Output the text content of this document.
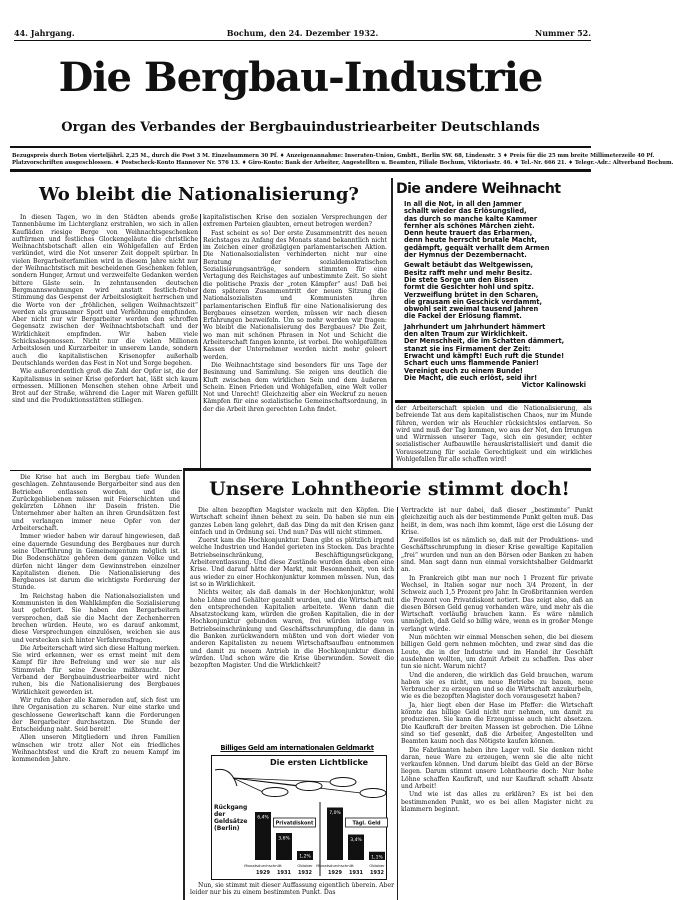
44. Jahrgang.	Bochum, den 24. Dezember 1932.	Nummer 52.
Die Bergbau-Industrie
Organ des Verbandes der Bergbauindustriearbeiter Deutschlands
Bezugspreis durch Boten vierteljährl. 2,25 M., durch die Post 3 M. Einzelnummern 30 Pf. ♦ Anzeigenannahme: Inseraten-Union, GmbH., Berlin SW. 68, Lindenstr. 3 ♦ Preis für die 25 mm breite Millimeterzeile 40 Pf.
Platzvorschriften ausgeschlossen. ♦ Postscheck-Konto Hannover Nr. 576 13. ♦ Giro-Konto: Bank der Arbeiter, Angestellten u. Beamten, Filiale Bochum, Viktoriastr. 46. ♦ Tel.-Nr. 666 21. ♦ Telegr.-Adr.: Altverband Bochum.
Wo bleibt die Nationalisierung?

In diesen Tagen, wo in den Städten abends große Tannenbäume im Lichterglanz erstrahlen, wo sich in allen Kaufläden riesige Berge von Weihnachtsgeschenken auftürmen und festliches Glockengeläute die christliche Weihnachtsbotschaft allen ein Wohlgefallen auf Erden verkündet, wird die Not unserer Zeit doppelt spürbar. In vielen Bergarbeiterfamilien wird in diesem Jahre nicht nur der Weihnachtstisch mit bescheidenen Geschenken fehlen, sondern Hunger, Armut und verzweifelte Gedanken werden bittere Gäste sein. In zehntausenden deutschen Bergmannswohnungen wird anstatt festlich-froher Stimmung das Gespenst der Arbeitslosigkeit herrschen und die Worte von der „fröhlichen, seligen Weihnachtszeit“ werden als grausamer Spott und Verhöhnung empfunden. Aber nicht nur wir Bergarbeiter werden den schroffen Gegensatz zwischen der Weihnachtsbotschaft und der Wirklichkeit empfinden. Wir haben viele Schicksalsgenossen. Nicht nur die vielen Millionen Arbeitslosen und Kurzarbeiter in unserem Lande, sondern auch die kapitalistischen Krisenopfer außerhalb Deutschlands werden das Fest in Not und Sorge begehen.

Wie außerordentlich groß die Zahl der Opfer ist, die der Kapitalismus in seiner Krise gefordert hat, läßt sich kaum ermessen. Millionen Menschen stehen ohne Arbeit und Brot auf der Straße, während die Lager mit Waren gefüllt sind und die Produktionsstätten stilliegen.

kapitalistischen Krise den sozialen Versprechungen der extremen Parteien glaubten, erneut betrogen werden?

Fast scheint es so! Der erste Zusammentritt des neuen Reichstages zu Anfang des Monats stand bekanntlich nicht im Zeichen einer großzügigen parlamentarischen Aktion. Die Nationalsozialisten verhinderten nicht nur eine Beratung der sozialdemokratischen Sozialisierungsanträge, sondern stimmten für eine Vertagung des Reichstages auf unbestimmte Zeit. So sieht die politische Praxis der „roten Kämpfer“ aus! Daß bei dem späteren Zusammentritt der neuen Sitzung die Nationalsozialisten und Kommunisten ihren parlamentarischen Einfluß für eine Nationalisierung des Bergbaues einsetzen werden, müssen wir nach diesen Erfahrungen bezweifeln. Um so mehr werden wir fragen: Wo bleibt die Nationalisierung des Bergbaues? Die Zeit, wo man mit schönen Phrasen in Not und Schicht die Arbeiterschaft fangen konnte, ist vorbei. Die wohlgefüllten Kassen der Unternehmer werden nicht mehr geleert werden.

Die Weihnachtstage sind besonders für uns Tage der Besinnung und Sammlung. Sie zeigen uns deutlich die Kluft zwischen dem wirklichen Sein und dem äußeren Schein. Einen Frieden und Wohlgefallen, eine Welt voller Not und Unrecht! Gleichzeitig aber ein Weckruf zu neuen Kämpfen für eine sozialistische Gemeinschaftsordnung, in der die Arbeit ihren gerechten Lohn findet.

Die andere Weihnacht
In all die Not, in all den Jammer
schallt wieder das Erlösungslied,
das durch so manche kalte Kammer
fernher als schönes Märchen zieht.
Denn heute trauert das Erbarmen,
denn heute herrscht brutale Macht,
gedämpft, gequält verhallt dem Armen
der Hymnus der Dezembernacht.
Gewalt betäubt das Weltgewissen,
Besitz rafft mehr und mehr Besitz.
Die stete Sorge um den Bissen
formt die Gesichter hohl und spitz.
Verzweiflung brütet in den Scharen,
die grausam ein Geschick verdammt,
obwohl seit zweimal tausend Jahren
die Fackel der Erlösung flammt.
Jahrhundert um Jahrhundert hämmert
den alten Traum zur Wirklichkeit.
Der Menschheit, die im Schatten dämmert,
stanzt sie ins Firmament der Zeit:
Erwacht und kämpft! Euch ruft die Stunde!
Schart euch ums flammende Panier!
Vereinigt euch zu einem Bunde!
Die Macht, die euch erlöst, seid ihr!
Victor Kalinowski

der Arbeiterschaft spielen und die Nationalisierung, als befreiende Tat aus dem kapitalistischen Chaos, nur im Munde führen, werden wir als Heuchler rücksichtslos entlarven. So wird und muß der Tag kommen, wo aus der Not, den Irrungen und Wirrnissen unserer Tage, sich ein gesunder, echter sozialistischer Aufbauwille herauskristallisiert und damit die Voraussetzung für soziale Gerechtigkeit und ein wirkliches Wohlgefallen für alle schaffen wird!

Die Krise hat auch im Bergbau tiefe Wunden geschlagen. Zehntausende Bergarbeiter sind aus den Betrieben entlassen worden, und die Zurückgebliebenen müssen mit Feierschichten und gekürzten Löhnen ihr Dasein fristen. Die Unternehmer aber halten an ihren Grundsätzen fest und verlangen immer neue Opfer von der Arbeiterschaft.

Immer wieder haben wir darauf hingewiesen, daß eine dauernde Gesundung des Bergbaues nur durch seine Überführung in Gemeineigentum möglich ist. Die Bodenschätze gehören dem ganzen Volke und dürfen nicht länger dem Gewinnstreben einzelner Kapitalisten dienen. Die Nationalisierung des Bergbaues ist darum die wichtigste Forderung der Stunde.

Im Reichstag haben die Nationalsozialisten und Kommunisten in den Wahlkämpfen die Sozialisierung laut gefordert. Sie haben den Bergarbeitern versprochen, daß sie die Macht der Zechenherren brechen würden. Heute, wo es darauf ankommt, diese Versprechungen einzulösen, weichen sie aus und verstecken sich hinter Verfahrensfragen.

Die Arbeiterschaft wird sich diese Haltung merken. Sie wird erkennen, wer es ernst meint mit dem Kampf für ihre Befreiung und wer sie nur als Stimmvieh für seine Zwecke mißbraucht. Der Verband der Bergbauindustriearbeiter wird nicht ruhen, bis die Nationalisierung des Bergbaues Wirklichkeit geworden ist.

Wir rufen daher alle Kameraden auf, sich fest um ihre Organisation zu scharen. Nur eine starke und geschlossene Gewerkschaft kann die Forderungen der Bergarbeiter durchsetzen. Die Stunde der Entscheidung naht. Seid bereit!

Allen unseren Mitgliedern und ihren Familien wünschen wir trotz aller Not ein friedliches Weihnachtsfest und die Kraft zu neuem Kampf im kommenden Jahre.

Unsere Lohntheorie stimmt doch!

Die alten bezopften Magister wackeln mit den Köpfen. Die Wirtschaft scheint ihnen behext zu sein. Da haben sie nun ein ganzes Leben lang gelehrt, daß das Ding da mit den Krisen ganz einfach und in Ordnung sei. Und nun? Das will nicht stimmen.

Zuerst kam die Hochkonjunktur. Dann gibt es plötzlich irgend welche Industrien und Handel gerieten ins Stocken. Das brachte Betriebseinschränkung, Beschäftigungsrückgang, Arbeiterentlassung. Und diese Zustände wurden dann eben eine Krise. Und darauf hätte der Markt, mit Besonnenheit, von sich aus wieder zu einer Hochkonjunktur kommen müssen. Nun, das ist so in Wirklichkeit.

Nichts weiter, als daß damals in der Hochkonjunktur, wohl hohe Löhne und Gehälter gezahlt wurden, und die Wirtschaft mit den entsprechenden Kapitalien arbeitete. Wenn dann die Absatzstockung kam, würden die großen Kapitalien, die in der Hochkonjunktur gebunden waren, frei würden infolge von Betriebseinschränkung und Geschäftsschrumpfung, die dann in die Banken zurückwandern müßten und von dort wieder von anderen Kapitalisten zu neuem Wirtschaftsaufbau entnommen und damit zu neuem Antrieb in die Hochkonjunktur dienen würden. Und schon wäre die Krise überwunden. Soweit die bezopften Magister. Und die Wirklichkeit?

6,4%
Monatsdurchschnitt
1929
3,6%
1931
1,2%
Oktober
1932
Privatdiskont
7,0%
Monatsdurchschnitt
1929
3,4%
1931
1,1%
Oktober
1932
Tägl. Geld
Billiges Geld am internationalen Geldmarkt
Die ersten Lichtblicke
Rückgang der Geldsätze (Berlin)

Nun, sie stimmt mit dieser Auffassung eigentlich überein. Aber leider nur bis zu einem bestimmten Punkt. Das

Vertrackte ist nur dabei, daß dieser „bestimmte“ Punkt gleichzeitig auch als der bestimmende Punkt gelten muß. Das heißt, in dem, was nach ihm kommt, läge erst die Lösung der Krise.

Zweifellos ist es nämlich so, daß mit der Produktions- und Geschäftsschrumpfung in dieser Krise gewaltige Kapitalien „frei“ wurden und nun an den Börsen oder Banken zu haben sind. Man sagt dann nun einmal vorsichtshalber Geldmarkt an.

In Frankreich gibt man nur noch 1 Prozent für private Wechsel, in Italien sogar nur noch 3/4 Prozent, in der Schweiz auch 1,5 Prozent pro Jahr. In Großbritannien werden die Prozent von Privatdiskont notiert. Das zeigt also, daß an diesen Börsen Geld genug vorhanden wäre, und mehr als die Wirtschaft vorläufig brauchen kann. Es wäre nämlich unmöglich, daß Geld so billig wäre, wenn es in großer Menge verlangt würde.

Nun möchten wir einmal Menschen sehen, die bei diesem billigen Geld gern nehmen möchten, und zwar sind das die Leute, die in der Industrie und im Handel ihr Geschäft ausdehnen wollten, um damit Arbeit zu schaffen. Das aber tun sie nicht. Warum nicht?

Und die anderen, die wirklich das Geld brauchen, warum haben sie es nicht, um neue Betriebe zu bauen, neue Verbraucher zu erzeugen und so die Wirtschaft anzukurbeln, wie es die bezopften Magister doch vorausgesetzt haben?

Ja, hier liegt eben der Hase im Pfeffer: die Wirtschaft könnte das billige Geld nicht nur nehmen, um damit zu produzieren. Sie kann die Erzeugnisse auch nicht absetzen. Die Kaufkraft der breiten Massen ist gebrochen. Die Löhne sind so tief gesenkt, daß die Arbeiter, Angestellten und Beamten kaum noch das Nötigste kaufen können.

Die Fabrikanten haben ihre Lager voll. Sie denken nicht daran, neue Ware zu erzeugen, wenn sie die alte nicht verkaufen können. Und darum bleibt das Geld an der Börse liegen. Darum stimmt unsere Lohntheorie doch: Nur hohe Löhne schaffen Kaufkraft, und nur Kaufkraft schafft Absatz und Arbeit!

Und wie ist das alles zu erklären? Es ist bei den bestimmenden Punkt, wo es bei allen Magister nicht zu klammern beginnt.
